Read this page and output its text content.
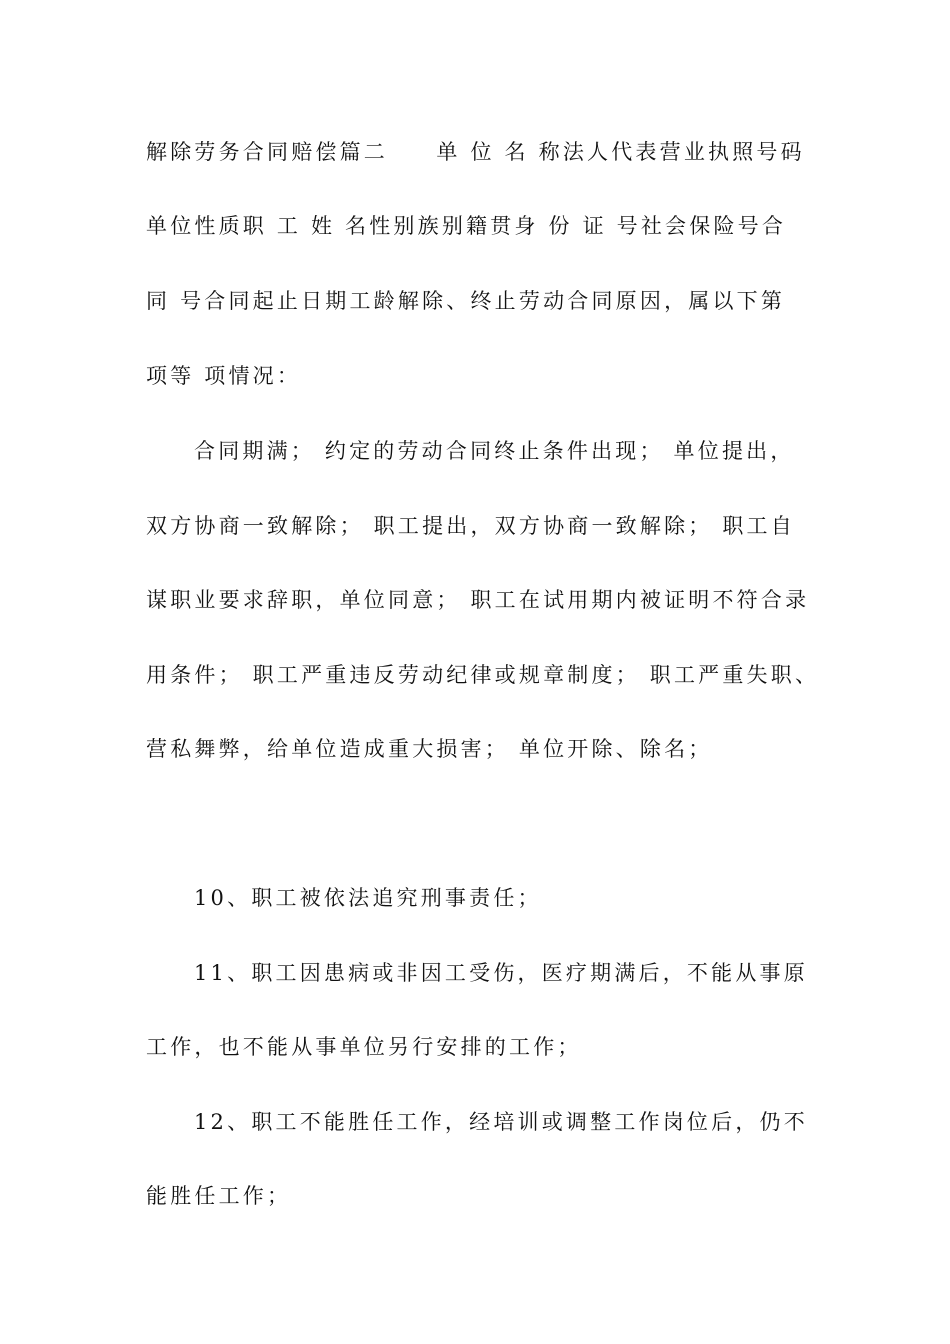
解除劳务合同赔偿篇二　　单 位 名 称法人代表营业执照号码
单位性质职 工 姓 名性别族别籍贯身 份 证 号社会保险号合
同 号合同起止日期工龄解除、终止劳动合同原因，属以下第
项等 项情况：
合同期满； 约定的劳动合同终止条件出现； 单位提出，
双方协商一致解除； 职工提出，双方协商一致解除； 职工自
谋职业要求辞职，单位同意； 职工在试用期内被证明不符合录
用条件； 职工严重违反劳动纪律或规章制度； 职工严重失职、
营私舞弊，给单位造成重大损害； 单位开除、除名；
10、职工被依法追究刑事责任；
11、职工因患病或非因工受伤，医疗期满后，不能从事原
工作，也不能从事单位另行安排的工作；
12、职工不能胜任工作，经培训或调整工作岗位后，仍不
能胜任工作；
